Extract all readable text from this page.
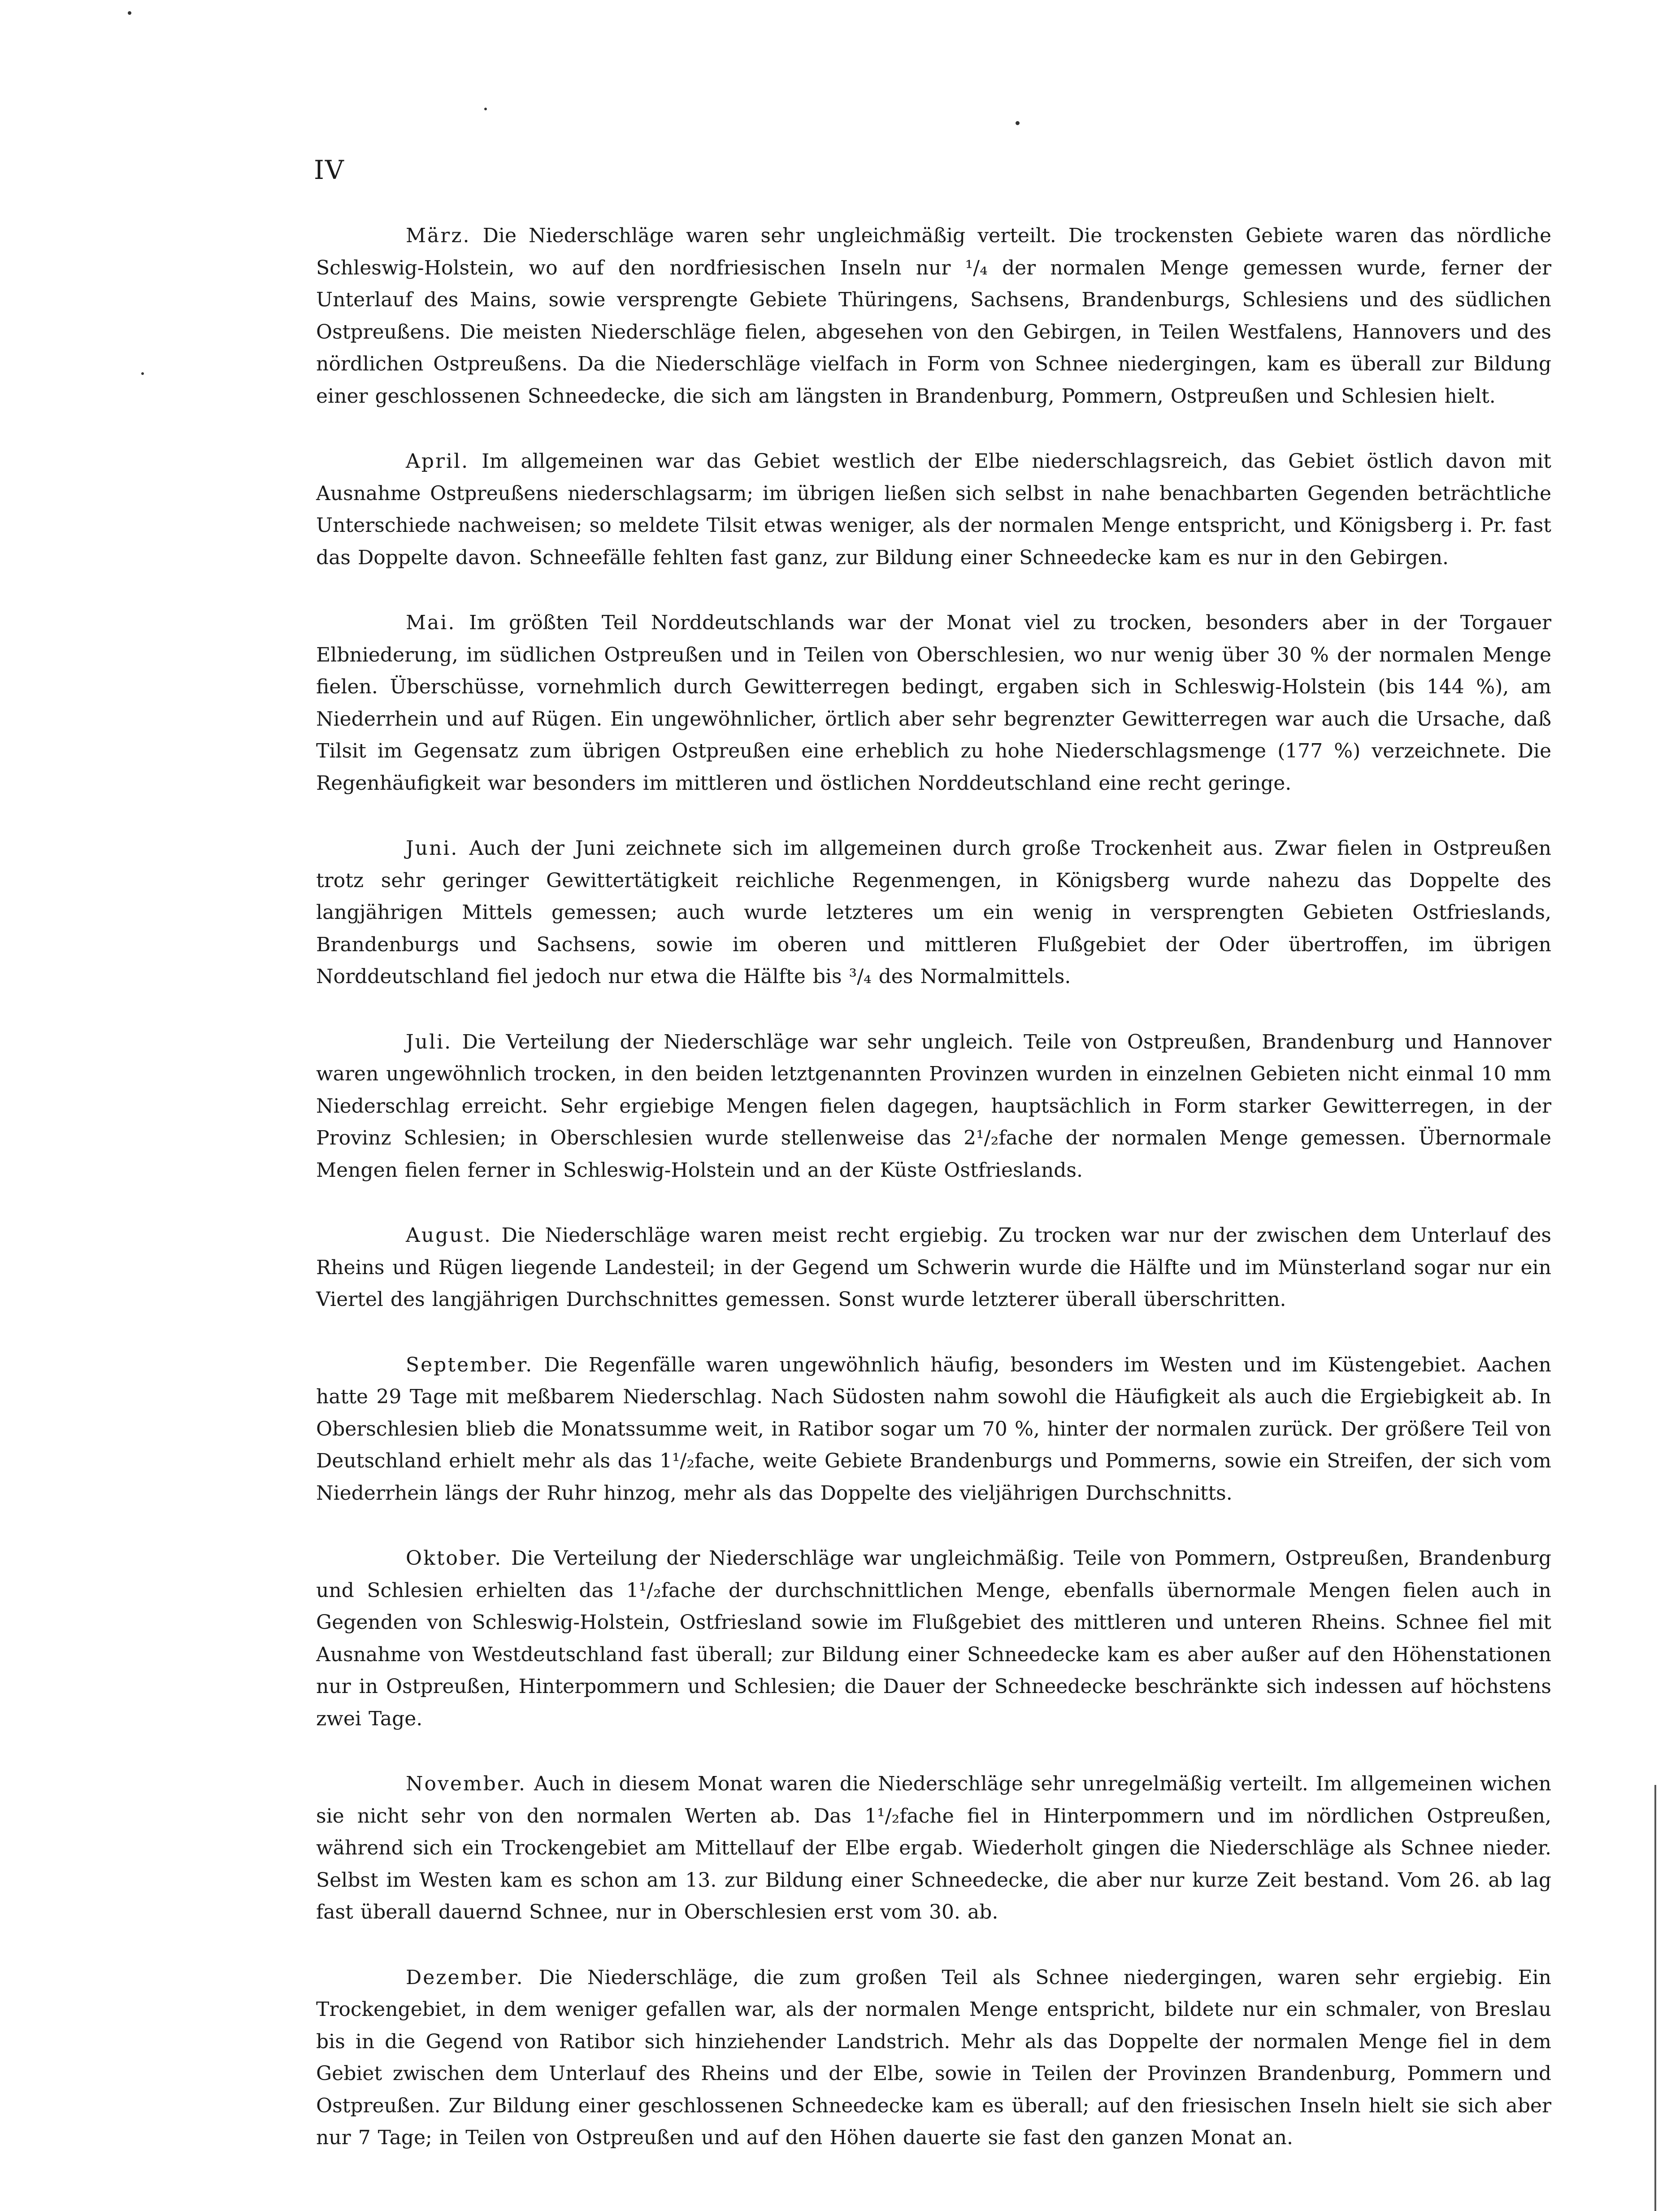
IV

März. Die Niederschläge waren sehr ungleichmäßig verteilt. Die trockensten Gebiete waren das nördliche Schleswig-Holstein, wo auf den nordfriesischen Inseln nur ¹/₄ der normalen Menge gemessen wurde, ferner der Unterlauf des Mains, sowie versprengte Gebiete Thüringens, Sachsens, Brandenburgs, Schlesiens und des südlichen Ostpreußens. Die meisten Niederschläge fielen, abgesehen von den Gebirgen, in Teilen Westfalens, Hannovers und des nördlichen Ostpreußens. Da die Niederschläge vielfach in Form von Schnee niedergingen, kam es überall zur Bildung einer geschlossenen Schneedecke, die sich am längsten in Brandenburg, Pommern, Ostpreußen und Schlesien hielt.

April. Im allgemeinen war das Gebiet westlich der Elbe niederschlagsreich, das Gebiet östlich davon mit Ausnahme Ostpreußens niederschlagsarm; im übrigen ließen sich selbst in nahe benachbarten Gegenden beträchtliche Unterschiede nachweisen; so meldete Tilsit etwas weniger, als der normalen Menge entspricht, und Königsberg i. Pr. fast das Doppelte davon. Schneefälle fehlten fast ganz, zur Bildung einer Schneedecke kam es nur in den Gebirgen.

Mai. Im größten Teil Norddeutschlands war der Monat viel zu trocken, besonders aber in der Torgauer Elbniederung, im südlichen Ostpreußen und in Teilen von Oberschlesien, wo nur wenig über 30 % der normalen Menge fielen. Überschüsse, vornehmlich durch Gewitterregen bedingt, ergaben sich in Schleswig-Holstein (bis 144 %), am Niederrhein und auf Rügen. Ein ungewöhnlicher, örtlich aber sehr begrenzter Gewitterregen war auch die Ursache, daß Tilsit im Gegensatz zum übrigen Ostpreußen eine erheblich zu hohe Niederschlagsmenge (177 %) verzeichnete. Die Regenhäufigkeit war besonders im mittleren und östlichen Norddeutschland eine recht geringe.

Juni. Auch der Juni zeichnete sich im allgemeinen durch große Trockenheit aus. Zwar fielen in Ostpreußen trotz sehr geringer Gewittertätigkeit reichliche Regenmengen, in Königsberg wurde nahezu das Doppelte des langjährigen Mittels gemessen; auch wurde letzteres um ein wenig in versprengten Gebieten Ostfrieslands, Brandenburgs und Sachsens, sowie im oberen und mittleren Flußgebiet der Oder übertroffen, im übrigen Norddeutschland fiel jedoch nur etwa die Hälfte bis ³/₄ des Normalmittels.

Juli. Die Verteilung der Niederschläge war sehr ungleich. Teile von Ostpreußen, Brandenburg und Hannover waren ungewöhnlich trocken, in den beiden letztgenannten Provinzen wurden in einzelnen Gebieten nicht einmal 10 mm Niederschlag erreicht. Sehr ergiebige Mengen fielen dagegen, hauptsächlich in Form starker Gewitterregen, in der Provinz Schlesien; in Oberschlesien wurde stellenweise das 2¹/₂fache der normalen Menge gemessen. Übernormale Mengen fielen ferner in Schleswig-Holstein und an der Küste Ostfrieslands.

August. Die Niederschläge waren meist recht ergiebig. Zu trocken war nur der zwischen dem Unterlauf des Rheins und Rügen liegende Landesteil; in der Gegend um Schwerin wurde die Hälfte und im Münsterland sogar nur ein Viertel des langjährigen Durchschnittes gemessen. Sonst wurde letzterer überall überschritten.

September. Die Regenfälle waren ungewöhnlich häufig, besonders im Westen und im Küstengebiet. Aachen hatte 29 Tage mit meßbarem Niederschlag. Nach Südosten nahm sowohl die Häufigkeit als auch die Ergiebigkeit ab. In Oberschlesien blieb die Monatssumme weit, in Ratibor sogar um 70 %, hinter der normalen zurück. Der größere Teil von Deutschland erhielt mehr als das 1¹/₂fache, weite Gebiete Brandenburgs und Pommerns, sowie ein Streifen, der sich vom Niederrhein längs der Ruhr hinzog, mehr als das Doppelte des vieljährigen Durchschnitts.

Oktober. Die Verteilung der Niederschläge war ungleichmäßig. Teile von Pommern, Ostpreußen, Brandenburg und Schlesien erhielten das 1¹/₂fache der durchschnittlichen Menge, ebenfalls übernormale Mengen fielen auch in Gegenden von Schleswig-Holstein, Ostfriesland sowie im Flußgebiet des mittleren und unteren Rheins. Schnee fiel mit Ausnahme von Westdeutschland fast überall; zur Bildung einer Schneedecke kam es aber außer auf den Höhenstationen nur in Ostpreußen, Hinterpommern und Schlesien; die Dauer der Schneedecke beschränkte sich indessen auf höchstens zwei Tage.

November. Auch in diesem Monat waren die Niederschläge sehr unregelmäßig verteilt. Im allgemeinen wichen sie nicht sehr von den normalen Werten ab. Das 1¹/₂fache fiel in Hinterpommern und im nördlichen Ostpreußen, während sich ein Trockengebiet am Mittellauf der Elbe ergab. Wiederholt gingen die Niederschläge als Schnee nieder. Selbst im Westen kam es schon am 13. zur Bildung einer Schneedecke, die aber nur kurze Zeit bestand. Vom 26. ab lag fast überall dauernd Schnee, nur in Oberschlesien erst vom 30. ab.

Dezember. Die Niederschläge, die zum großen Teil als Schnee niedergingen, waren sehr ergiebig. Ein Trockengebiet, in dem weniger gefallen war, als der normalen Menge entspricht, bildete nur ein schmaler, von Breslau bis in die Gegend von Ratibor sich hinziehender Landstrich. Mehr als das Doppelte der normalen Menge fiel in dem Gebiet zwischen dem Unterlauf des Rheins und der Elbe, sowie in Teilen der Provinzen Brandenburg, Pommern und Ostpreußen. Zur Bildung einer geschlossenen Schneedecke kam es überall; auf den friesischen Inseln hielt sie sich aber nur 7 Tage; in Teilen von Ostpreußen und auf den Höhen dauerte sie fast den ganzen Monat an.
